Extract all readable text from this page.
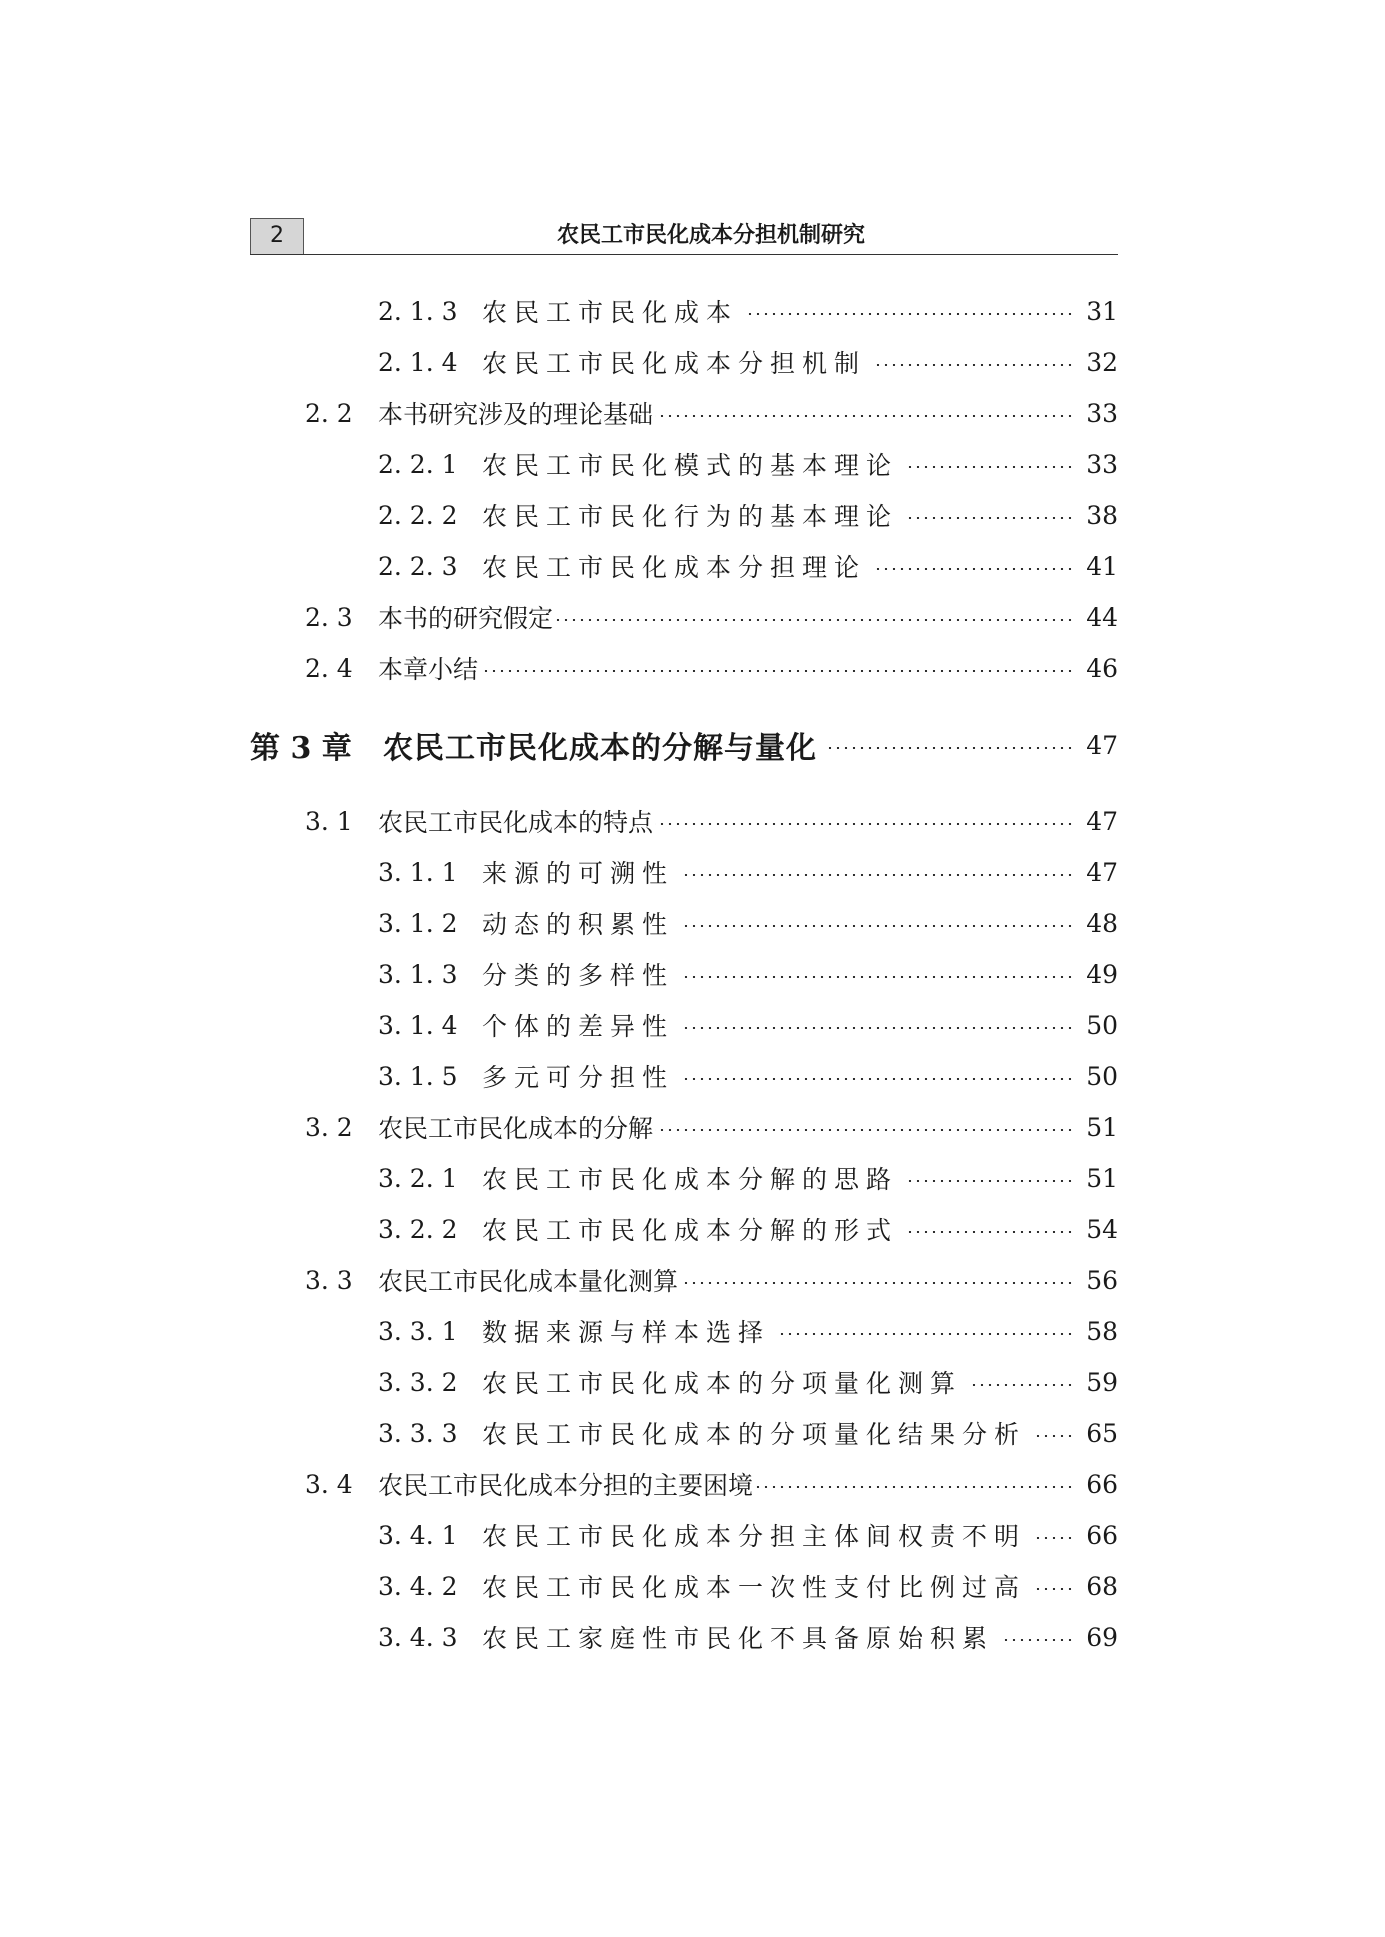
2	农民工市民化成本分担机制研究
2. 1. 3 农民工市民化成本	31
2. 1. 4 农民工市民化成本分担机制	32
2. 2	本书研究涉及的理论基础	33
2. 2. 1 农民工市民化模式的基本理论	33
2. 2. 2 农民工市民化行为的基本理论	38
2. 2. 3 农民工市民化成本分担理论	41
2. 3	本书的研究假定	44
2. 4	本章小结	46
第 3 章	农民工市民化成本的分解与量化	47
3. 1	农民工市民化成本的特点	47
3. 1. 1 来源的可溯性	47
3. 1. 2 动态的积累性	48
3. 1. 3 分类的多样性	49
3. 1. 4 个体的差异性	50
3. 1. 5 多元可分担性	50
3. 2	农民工市民化成本的分解	51
3. 2. 1 农民工市民化成本分解的思路	51
3. 2. 2 农民工市民化成本分解的形式	54
3. 3	农民工市民化成本量化测算	56
3. 3. 1 数据来源与样本选择	58
3. 3. 2 农民工市民化成本的分项量化测算	59
3. 3. 3 农民工市民化成本的分项量化结果分析 65
3. 4	农民工市民化成本分担的主要困境	66
3. 4. 1 农民工市民化成本分担主体间权责不明 66
3. 4. 2 农民工市民化成本一次性支付比例过高 68
3. 4. 3 农民工家庭性市民化不具备原始积累	69
